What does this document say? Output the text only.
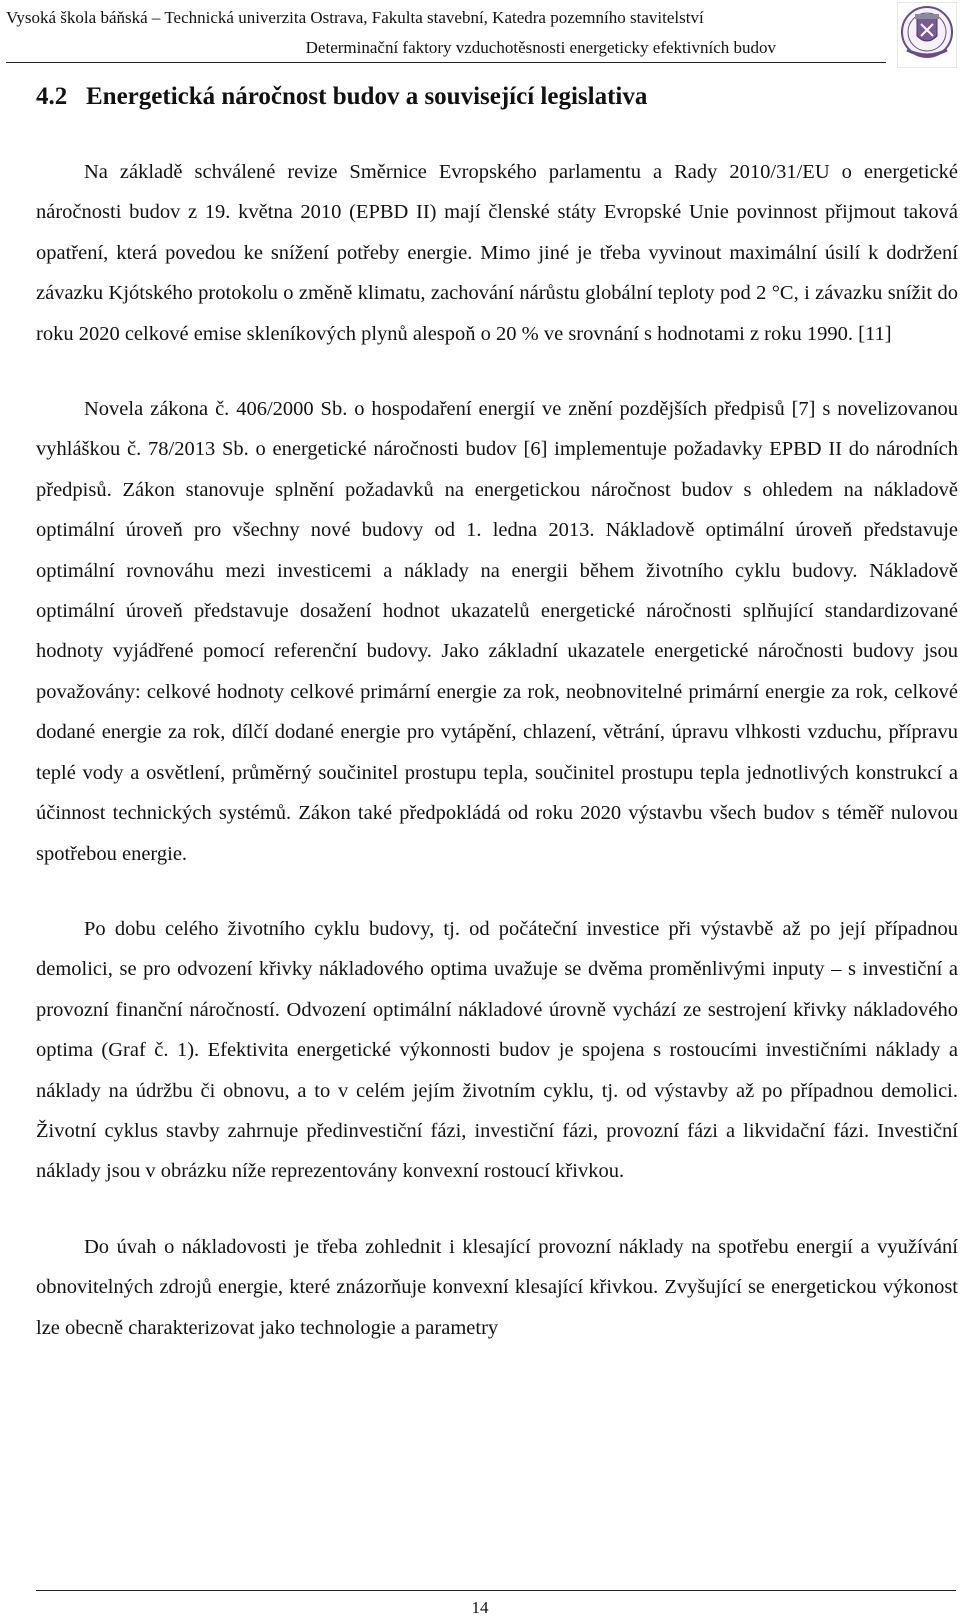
Vysoká škola báňská – Technická univerzita Ostrava, Fakulta stavební, Katedra pozemního stavitelství
Determinační faktory vzduchotěsnosti energeticky efektivních budov
4.2 Energetická náročnost budov a související legislativa

Na základě schválené revize Směrnice Evropského parlamentu a Rady 2010/31/EU o energetické náročnosti budov z 19. května 2010 (EPBD II) mají členské státy Evropské Unie povinnost přijmout taková opatření, která povedou ke snížení potřeby energie. Mimo jiné je třeba vyvinout maximální úsilí k dodržení závazku Kjótského protokolu o změně klimatu, zachování nárůstu globální teploty pod 2 °C, i závazku snížit do roku 2020 celkové emise skleníkových plynů alespoň o 20 % ve srovnání s hodnotami z roku 1990. [11]

Novela zákona č. 406/2000 Sb. o hospodaření energií ve znění pozdějších předpisů [7] s novelizovanou vyhláškou č. 78/2013 Sb. o energetické náročnosti budov [6] implementuje požadavky EPBD II do národních předpisů. Zákon stanovuje splnění požadavků na energetickou náročnost budov s ohledem na nákladově optimální úroveň pro všechny nové budovy od 1. ledna 2013. Nákladově optimální úroveň představuje optimální rovnováhu mezi investicemi a náklady na energii během životního cyklu budovy. Nákladově optimální úroveň představuje dosažení hodnot ukazatelů energetické náročnosti splňující standardizované hodnoty vyjádřené pomocí referenční budovy. Jako základní ukazatele energetické náročnosti budovy jsou považovány: celkové hodnoty celkové primární energie za rok, neobnovitelné primární energie za rok, celkové dodané energie za rok, dílčí dodané energie pro vytápění, chlazení, větrání, úpravu vlhkosti vzduchu, přípravu teplé vody a osvětlení, průměrný součinitel prostupu tepla, součinitel prostupu tepla jednotlivých konstrukcí a účinnost technických systémů. Zákon také předpokládá od roku 2020 výstavbu všech budov s téměř nulovou spotřebou energie.

Po dobu celého životního cyklu budovy, tj. od počáteční investice při výstavbě až po její případnou demolici, se pro odvození křivky nákladového optima uvažuje se dvěma proměnlivými inputy – s investiční a provozní finanční náročností. Odvození optimální nákladové úrovně vychází ze sestrojení křivky nákladového optima (Graf č. 1). Efektivita energetické výkonnosti budov je spojena s rostoucími investičními náklady a náklady na údržbu či obnovu, a to v celém jejím životním cyklu, tj. od výstavby až po případnou demolici. Životní cyklus stavby zahrnuje předinvestiční fázi, investiční fázi, provozní fázi a likvidační fázi. Investiční náklady jsou v obrázku níže reprezentovány konvexní rostoucí křivkou.

Do úvah o nákladovosti je třeba zohlednit i klesající provozní náklady na spotřebu energií a využívání obnovitelných zdrojů energie, které znázorňuje konvexní klesající křivkou. Zvyšující se energetickou výkonost lze obecně charakterizovat jako technologie a parametry

14
